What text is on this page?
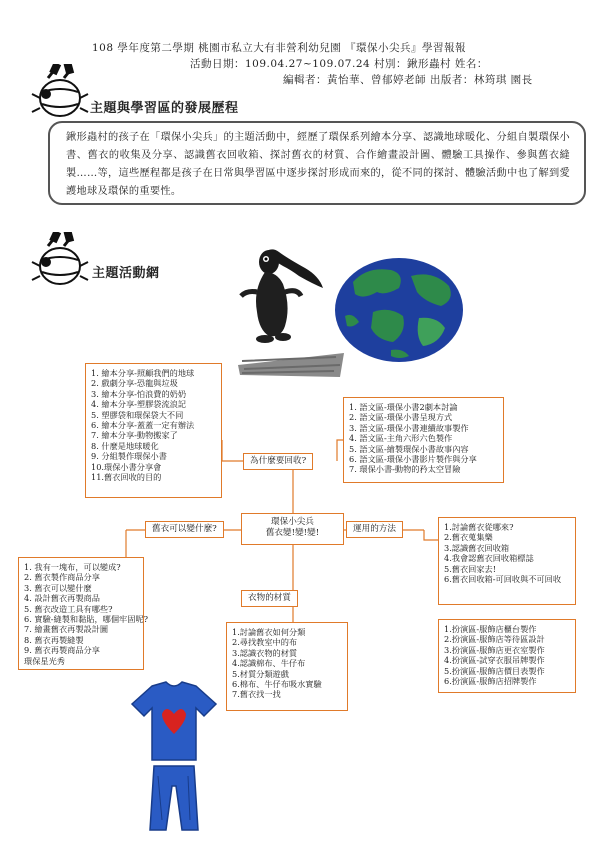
108 學年度第二學期 桃園市私立大有非營利幼兒園 『環保小尖兵』學習報報
活動日期：109.04.27~109.07.24 村別：鍬形蟲村 姓名：
編輯者：黃怡華、曾郁婷老師 出版者：林筠琪 園長
主題與學習區的發展歷程
鍬形蟲村的孩子在「環保小尖兵」的主題活動中，經歷了環保系列繪本分享、認識地球暖化、分組自製環保小書、舊衣的收集及分享、認識舊衣回收箱、探討舊衣的材質、合作繪畫設計圖、體驗工具操作、參與舊衣縫製……等，這些歷程都是孩子在日常與學習區中逐步探討形成而來的，從不同的探討、體驗活動中也了解到愛護地球及環保的重要性。
主題活動網
1. 繪本分享-照顧我們的地球
2. 戲劇分享-恐龍與垃圾
3. 繪本分享-怕浪費的奶奶
4. 繪本分享-塑膠袋流浪記
5. 塑膠袋和環保袋大不同
6. 繪本分享-蓋蓋一定有辦法
7. 繪本分享-動物搬家了
8. 什麼是地球暖化
9. 分組製作環保小書
10.環保小書分享會
11.舊衣回收的目的
1. 語文區-環保小書2劇本討論
2. 語文區-環保小書呈現方式
3. 語文區-環保小書連續故事製作
4. 語文區-主角六形六色製作
5. 語文區-繪製環保小書故事內容
6. 語文區-環保小書影片製作與分享
7. 環保小書-動物的矜太空冒險
為什麼要回收?
環保小尖兵
舊衣變!變!變!
舊衣可以變什麼?	運用的方法
1. 我有一塊布，可以變成?
2. 舊衣製作商品分享
3. 舊衣可以變什麼
4. 設計舊衣再製商品
5. 舊衣改造工具有哪些?
6. 實驗-縫製和黏貼，哪個牢固呢?
7. 繪畫舊衣再製設計圖
8. 舊衣再製縫製
9. 舊衣再製商品分享
環保星光秀
1.討論舊衣從哪來?
2.舊衣蒐集樂
3.認識舊衣回收箱
4.我會認舊衣回收箱標誌
5.舊衣回家去!
6.舊衣回收箱-可回收與不可回收
1.扮演區-服飾店櫃台製作
2.扮演區-服飾店等待區設計
3.扮演區-服飾店更衣室製作
4.扮演區-試穿衣服吊牌製作
5.扮演區-服飾店價目表製作
6.扮演區-服飾店招牌製作
衣物的材質
1.討論舊衣如何分類
2.尋找教室中的布
3.認識衣物的材質
4.認識棉布、牛仔布
5.材質分類遊戲
6.棉布、牛仔布吸水實驗
7.舊衣找一找
